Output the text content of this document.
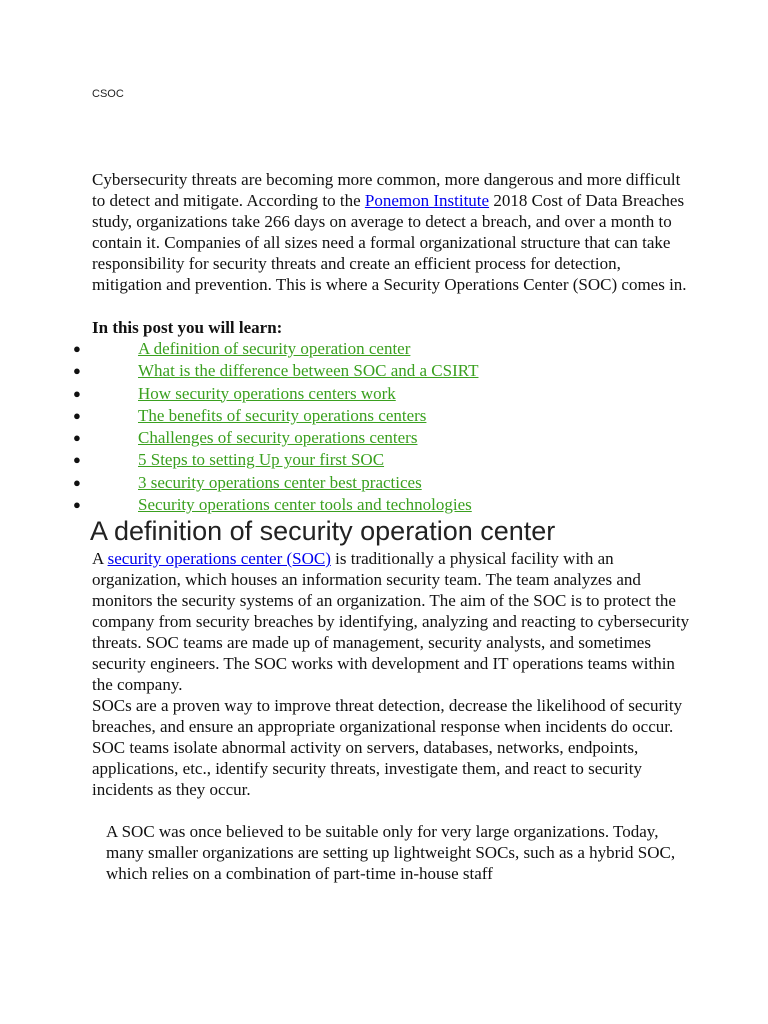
CSOC
Cybersecurity threats are becoming more common, more dangerous and more difficult to detect and mitigate. According to the Ponemon Institute 2018 Cost of Data Breaches study, organizations take 266 days on average to detect a breach, and over a month to contain it. Companies of all sizes need a formal organizational structure that can take responsibility for security threats and create an efficient process for detection, mitigation and prevention. This is where a Security Operations Center (SOC) comes in.
In this post you will learn:
●	A definition of security operation center
●	What is the difference between SOC and a CSIRT
●	How security operations centers work
●	The benefits of security operations centers
●	Challenges of security operations centers
●	5 Steps to setting Up your first SOC
●	3 security operations center best practices
●	Security operations center tools and technologies
A definition of security operation center

A security operations center (SOC) is traditionally a physical facility with an organization, which houses an information security team. The team analyzes and monitors the security systems of an organization. The aim of the SOC is to protect the company from security breaches by identifying, analyzing and reacting to cybersecurity threats. SOC teams are made up of management, security analysts, and sometimes security engineers. The SOC works with development and IT operations teams within the company.

SOCs are a proven way to improve threat detection, decrease the likelihood of security breaches, and ensure an appropriate organizational response when incidents do occur. SOC teams isolate abnormal activity on servers, databases, networks, endpoints, applications, etc., identify security threats, investigate them, and react to security incidents as they occur.

A SOC was once believed to be suitable only for very large organizations. Today, many smaller organizations are setting up lightweight SOCs, such as a hybrid SOC, which relies on a combination of part-time in-house staff
